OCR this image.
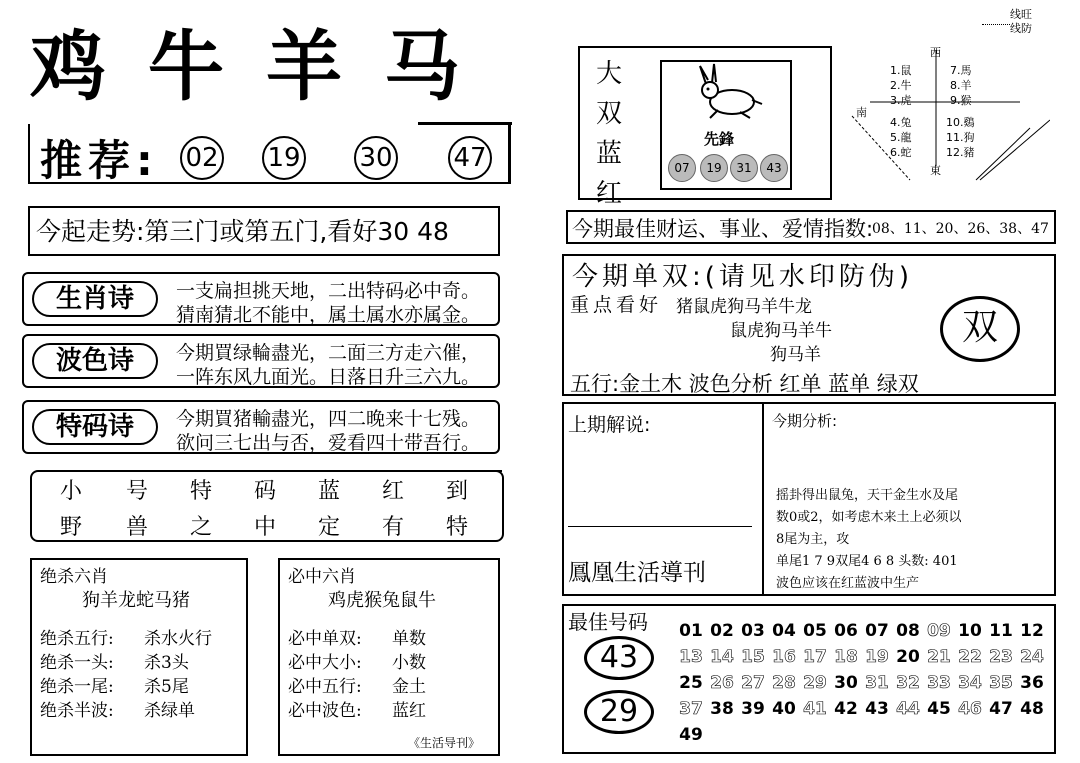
鸡牛羊马
线旺
线防
推荐: 02 19 30 47
今起走势:第三门或第五门,看好30 48
生肖诗	一支扁担挑天地，二出特码必中奇。
猜南猜北不能中，属土属水亦属金。
波色诗	今期買绿輪盡光，二面三方走六催，
一阵东风九面光。日落日升三六九。
特码诗	今期買猪輸盡光，四二晚来十七残。
欲问三七出与否，爱看四十带吾行。
小 号 特 码 蓝 红 到
野 兽 之 中 定 有 特
绝杀六肖
狗羊龙蛇马猪
绝杀五行: 杀水火行
绝杀一头: 杀3头
绝杀一尾: 杀5尾
绝杀半波: 杀绿单
必中六肖
鸡虎猴兔鼠牛
必中单双: 单数
必中大小: 小数
必中五行: 金土
必中波色: 蓝红
《生活导刊》
大
双
蓝
红
先鋒
07	19	31	43
西
南
東
1.鼠
2.牛
3.虎
4.兔
5.龍
6.蛇
7.馬
8.羊
9.猴
10.鷄
11.狗
12.豬
今期最佳财运、事业、爱情指数:
08、11、20、26、38、47
今期单双:(请见水印防伪)
重点看好 猪鼠虎狗马羊牛龙
鼠虎狗马羊牛
狗马羊
双
五行:金土木 波色分析 红单 蓝单 绿双
上期解说:
鳳凰生活導刊
今期分析:
摇卦得出鼠兔，天干金生水及尾
数0或2，如考虑木来土上必须以
8尾为主，攻
单尾1 7 9双尾4 6 8 头数: 401
波色应该在红蓝波中生产
最佳号码
43
29
01 02 03 04 05 06 07 08 09 10 11 12
13 14 15 16 17 18 19 20 21 22 23 24
25 26 27 28 29 30 31 32 33 34 35 36
37 38 39 40 41 42 43 44 45 46 47 48
49
